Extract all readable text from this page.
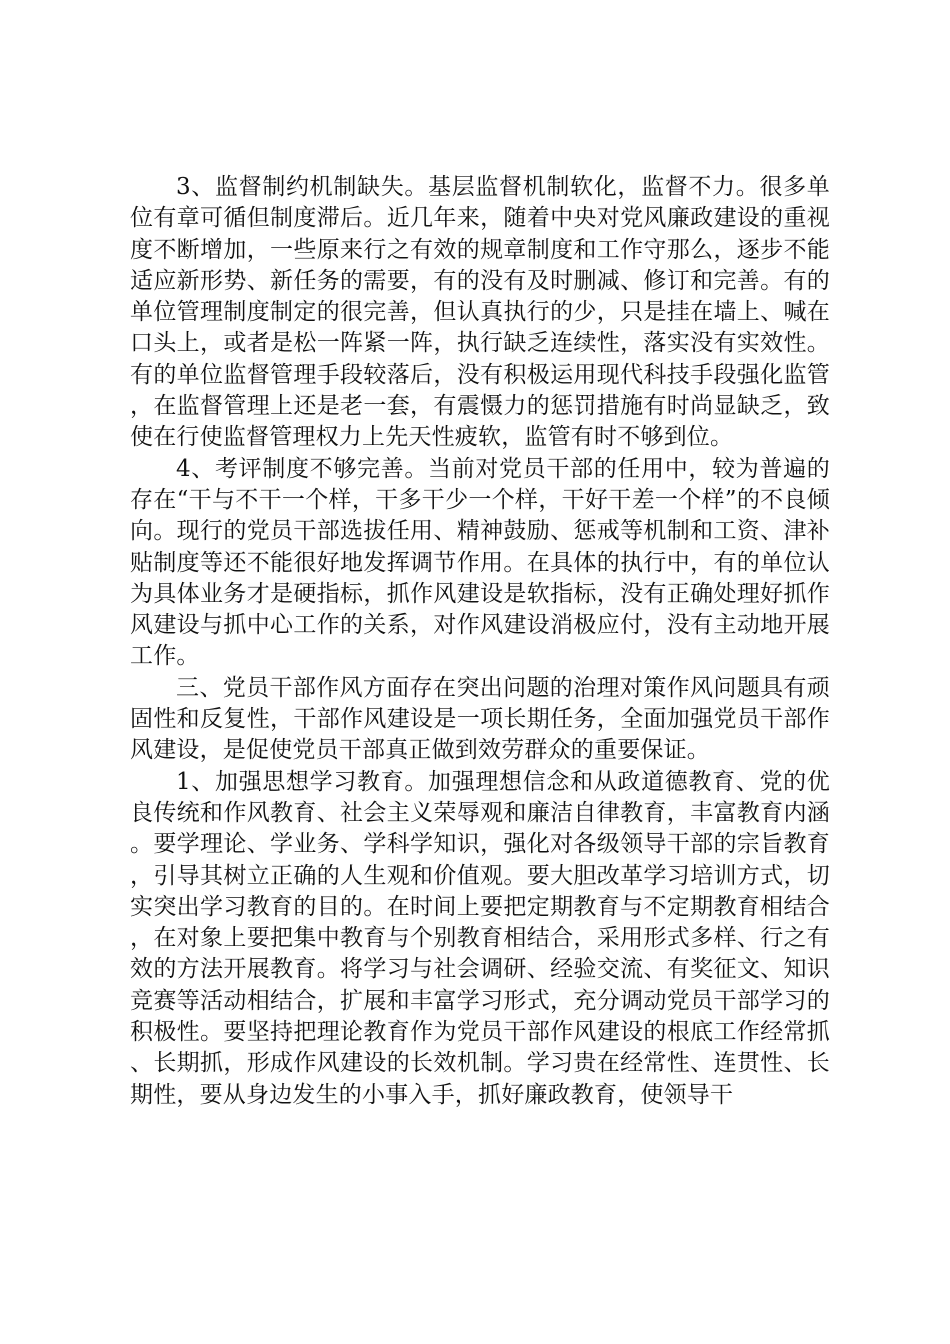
3、监督制约机制缺失。基层监督机制软化，监督不力。很多单位有章可循但制度滞后。近几年来，随着中央对党风廉政建设的重视度不断增加，一些原来行之有效的规章制度和工作守那么，逐步不能适应新形势、新任务的需要，有的没有及时删减、修订和完善。有的单位管理制度制定的很完善，但认真执行的少，只是挂在墙上、喊在口头上，或者是松一阵紧一阵，执行缺乏连续性，落实没有实效性。有的单位监督管理手段较落后，没有积极运用现代科技手段强化监管，在监督管理上还是老一套，有震慑力的惩罚措施有时尚显缺乏，致使在行使监督管理权力上先天性疲软，监管有时不够到位。

4、考评制度不够完善。当前对党员干部的任用中，较为普遍的存在“干与不干一个样，干多干少一个样，干好干差一个样”的不良倾向。现行的党员干部选拔任用、精神鼓励、惩戒等机制和工资、津补贴制度等还不能很好地发挥调节作用。在具体的执行中，有的单位认为具体业务才是硬指标，抓作风建设是软指标，没有正确处理好抓作风建设与抓中心工作的关系，对作风建设消极应付，没有主动地开展工作。

三、党员干部作风方面存在突出问题的治理对策作风问题具有顽固性和反复性，干部作风建设是一项长期任务，全面加强党员干部作风建设，是促使党员干部真正做到效劳群众的重要保证。

1、加强思想学习教育。加强理想信念和从政道德教育、党的优良传统和作风教育、社会主义荣辱观和廉洁自律教育，丰富教育内涵。要学理论、学业务、学科学知识，强化对各级领导干部的宗旨教育，引导其树立正确的人生观和价值观。要大胆改革学习培训方式，切实突出学习教育的目的。在时间上要把定期教育与不定期教育相结合，在对象上要把集中教育与个别教育相结合，采用形式多样、行之有效的方法开展教育。将学习与社会调研、经验交流、有奖征文、知识竞赛等活动相结合，扩展和丰富学习形式，充分调动党员干部学习的积极性。要坚持把理论教育作为党员干部作风建设的根底工作经常抓、长期抓，形成作风建设的长效机制。学习贵在经常性、连贯性、长期性，要从身边发生的小事入手，抓好廉政教育，使领导干
